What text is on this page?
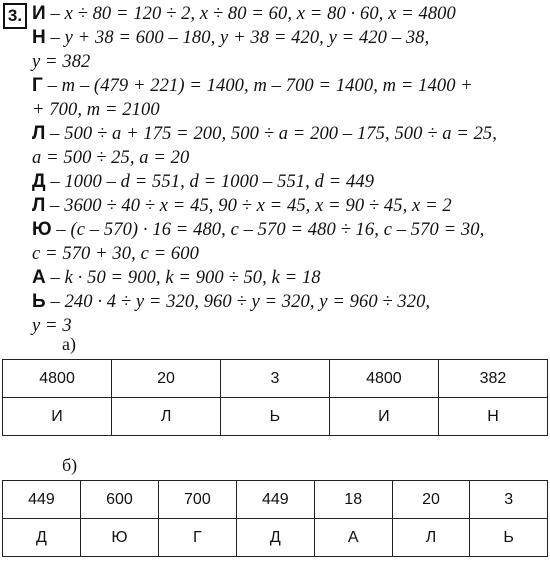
3. И – x ÷ 80 = 120 ÷ 2, x ÷ 80 = 60, x = 80 · 60, x = 4800
Н – y + 38 = 600 – 180, y + 38 = 420, y = 420 – 38,
y = 382
Г – m – (479 + 221) = 1400, m – 700 = 1400, m = 1400 +
+ 700, m = 2100
Л – 500 ÷ a + 175 = 200, 500 ÷ a = 200 – 175, 500 ÷ a = 25,
a = 500 ÷ 25, a = 20
Д – 1000 – d = 551, d = 1000 – 551, d = 449
Л – 3600 ÷ 40 ÷ x = 45, 90 ÷ x = 45, x = 90 ÷ 45, x = 2
Ю – (c – 570) · 16 = 480, c – 570 = 480 ÷ 16, c – 570 = 30,
c = 570 + 30, c = 600
А – k · 50 = 900, k = 900 ÷ 50, k = 18
Ь – 240 · 4 ÷ y = 320, 960 ÷ y = 320, y = 960 ÷ 320,
y = 3
а)
4800	20	3	4800	382
И	Л	Ь	И	Н
б)
449	600	700	449	18	20	3
Д	Ю	Г	Д	А	Л	Ь
